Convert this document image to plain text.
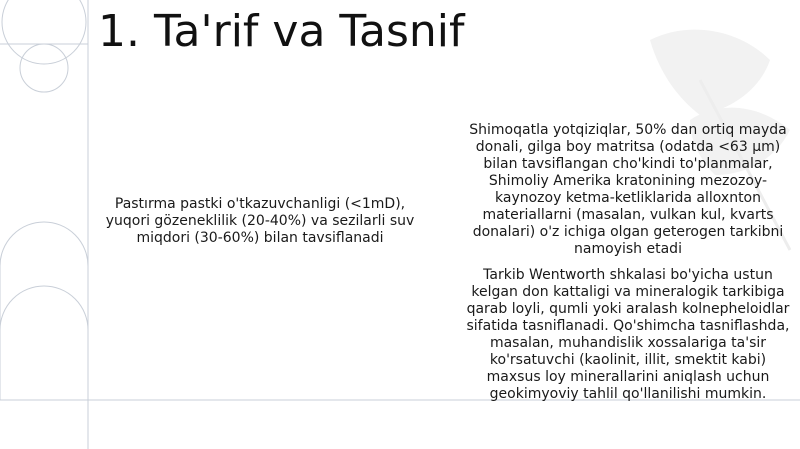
1. Ta'rif va Tasnif
Pastırma pastki o'tkazuvchanligi (<1mD), yuqori gözeneklilik (20-40%) va sezilarli suv miqdori (30-60%) bilan tavsiflanadi

Shimoqatla yotqiziqlar, 50% dan ortiq mayda donali, gilga boy matritsa (odatda <63 μm) bilan tavsiflangan cho'kindi to'planmalar, Shimoliy Amerika kratonining mezozoy-kaynozoy ketma-ketliklarida alloxnton materiallarni (masalan, vulkan kul, kvarts donalari) o'z ichiga olgan geterogen tarkibni namoyish etadi

Tarkib Wentworth shkalasi bo'yicha ustun kelgan don kattaligi va mineralogik tarkibiga qarab loyli, qumli yoki aralash kolnepheloidlar sifatida tasniflanadi. Qo'shimcha tasniflashda, masalan, muhandislik xossalariga ta'sir ko'rsatuvchi (kaolinit, illit, smektit kabi) maxsus loy minerallarini aniqlash uchun geokimyoviy tahlil qo'llanilishi mumkin.
